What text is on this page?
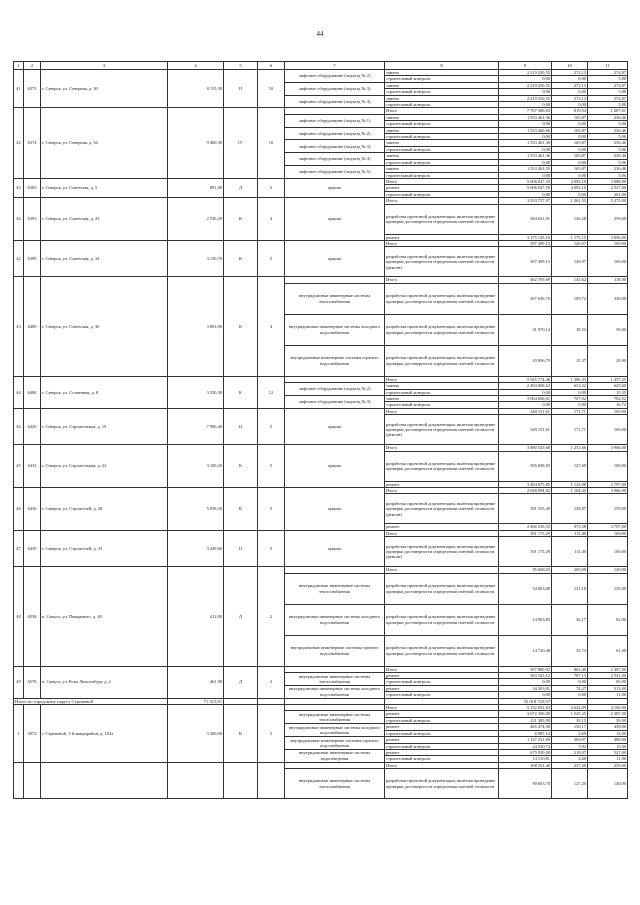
44
1	2	3	4	5	6	7	8	9	10	11
41	6373	г. Северск, ул. Северная, д. 30	8 155,30	II	10	лифтовое оборудование (подъезд № 2)	замена	2 219 250,55	272,13	274,87
							строительный контроль	0,00	0,00	5,88
						лифтовое оборудование (подъезд № 3)	замена	2 219 250,55	272,13	274,87
							строительный контроль	0,00	0,00	5,88
						лифтовое оборудование (подъезд № 4)	замена	2 219 250,55	272,13	274,87
							строительный контроль	0,00	0,00	5,88
42	6374	г. Северск, ул. Северная, д. 34	9 400,30	IV	10		Итого	7 767 306,83	819,54	1 207,61
						лифтовое оборудование (подъезд № 1)	замена	1 553 461,36	165,87	236,46
							строительный контроль	0,00	0,00	5,06
						лифтовое оборудование (подъезд № 2)	замена	1 553 460,66	165,87	236,46
							строительный контроль	0,00	0,00	5,06
						лифтовое оборудование (подъезд № 3)	замена	1 553 461,36	165,87	236,46
							строительный контроль	0,00	0,00	5,06
						лифтовое оборудование (подъезд № 4)	замена	1 553 461,36	165,87	236,46
							строительный контроль	0,00	0,00	5,06
						лифтовое оборудование (подъезд № 5)	замена	1 553 461,55	165,87	236,46
							строительный контроль	0,00	0,00	5,06
43	6383	г. Северск, ул. Советская, д. 5	881,00	Д	2	крыша	Итого	5 606 047,50	4 092,10	3 088,00
							ремонт	5 606 047,50	4 092,10	2 527,00
							строительный контроль	0,00	0,00	301,00
44	6393	г. Северск, ул. Советская, д. 23	2 530,20	К	4	крыша	Итого	3 553 757,97	1 261,53	5 275,00
							разработка проектной документации, включая проведение проверки достоверности определения сметной стоимости	384 631,91	136,28	259,00
							ремонт	3 175 125,16	1 175,15	3 056,00
42	6399	г. Северск, ул. Советская, д. 34	3 150,70	К	5	крыша	Итого	397 499,13	126,97	169,00
							разработка проектной документации, включая проведение проверки достоверности определения сметной стоимости (ремонт)	397 499,13	126,97	169,00
43	6400	г. Северск, ул. Советская, д. 36	3 803,90	К	4		Итого	402 705,69	145,62	118,00
						внутридомовые инженерные системы теплоснабжения	разработка проектной документации, включая проведение проверки достоверности определения сметной стоимости	307 636,76	109,72	330,00
						внутридомовые инженерные системы холодного водоснабжения	разработка проектной документации, включая проведение проверки достоверности определения сметной стоимости	51 970,14	18,53	59,00
						внутридомовые инженерные системы горячего водоснабжения	разработка проектной документации, включая проведение проверки достоверности определения сметной стоимости	43 096,79	15,37	29,00
44	6408	г. Северск, ул. Солнечная, д. 8	3 350,30	К	12		Итого	5 945 774,46	1 386,33	1 457,25
						лифтовое оборудование (подъезд № 2)	замена	2 494 068,63	633,32	625,60
							строительный контроль	0,00	0,00	15,35
						лифтовое оборудование (подъезд № 3)	замена	3 064 606,01	767,02	782,52
							строительный контроль	0,00	0,00	16,72
44	6420	г. Северск, ул. Строительная, д. 19	7 906,40	II	5	крыша	Итого	340 151,61	171,71	169,00
							разработка проектной документации, включая проведение проверки достоверности определения сметной стоимости (ремонт)	340 151,61	171,71	169,00
45	6433	г. Северск, ул. Строительная, д. 22	3 100,20	К	5	крыша	Итого	3 880 525,68	1 251,66	3 966,00
							разработка проектной документации, включая проведение проверки достоверности определения сметной стоимости	395 849,83	127,69	169,00
							ремонт	3 484 675,85	1 123,98	3 797,00
46	6436	г. Северск, ул. Строителей, д. 28	5 058,50	К	5	крыша	Итого	2 658 094,82	1 104,45	3 966,00
							разработка проектной документации, включая проведение проверки достоверности определения сметной стоимости (ремонт)	391 555,49	128,87	159,00
							ремонт	2 266 539,33	975,58	3 797,00
47	6439	г. Северск, ул. Строителей, д. 33	3 449,60	II	5	крыша	Итого	391 175,29	113,40	169,00
							разработка проектной документации, включая проведение проверки достоверности определения сметной стоимости (ремонт)	391 175,29	113,40	169,00
48	6538	п. Самусь, ул. Пикаревого, д. 20	412,00	Д	2		Итого	85 668,03	205,08	120,00
						внутридомовые инженерные системы теплоснабжения	разработка проектной документации, включая проведение проверки достоверности определения сметной стоимости	54 063,88	131,18	135,00
						внутридомовые инженерные системы холодного водоснабжения	разработка проектной документации, включая проведение проверки достоверности определения сметной стоимости	14 903,83	36,17	82,00
						внутридомовые инженерные системы горячего водоснабжения	разработка проектной документации, включая проведение проверки достоверности определения сметной стоимости	14 720,48	35,73	61,00
49	6570	п. Самусь, ул. Розы Люксембург, д. 2	461,90	Д	2		Итого	397 880,92	861,40	2 497,00
						внутридомовые инженерные системы теплоснабжения	ремонт	363 523,12	787,13	2 541,00
							строительный контроль	0,00	0,00	65,00
						внутридомовые инженерные системы холодного водоснабжения	ремонт	34 303,81	74,27	313,00
							строительный контроль	0,00	0,00	11,00
Итого по городскому округу Стрежевой			71 315,81					55 018 725,97		
1	5072	г. Стрежевой, 1-й микрорайон, д. 102а	3 300,00	К	5		Итого	5 132 052,63	2 622,09	4 160,00
						внутридомовые инженерные системы теплоснабжения	ремонт	3 072 356,09	1 525,25	2 387,00
							строительный контроль	121 385,09	39,15	59,00
						внутридомовые инженерные системы холодного водоснабжения	ремонт	465 474,00	150,17	438,00
							строительный контроль	6 987,14	2,69	13,00
						внутридомовые инженерные системы горячего водоснабжения	ремонт	1 147 231,00	369,97	480,00
							строительный контроль	24 530,74	7,92	15,00
						внутридомовые инженерные системы водоотведения	ремонт	675 950,00	218,07	527,00
							строительный контроль	14 510,81	4,68	11,00
							Итого	168 551,40	237,20	259,00
						внутридомовые инженерные системы теплоснабжения	разработка проектной документации, включая проведение проверки достоверности определения сметной стоимости	90 603,70	127,20	140,00
